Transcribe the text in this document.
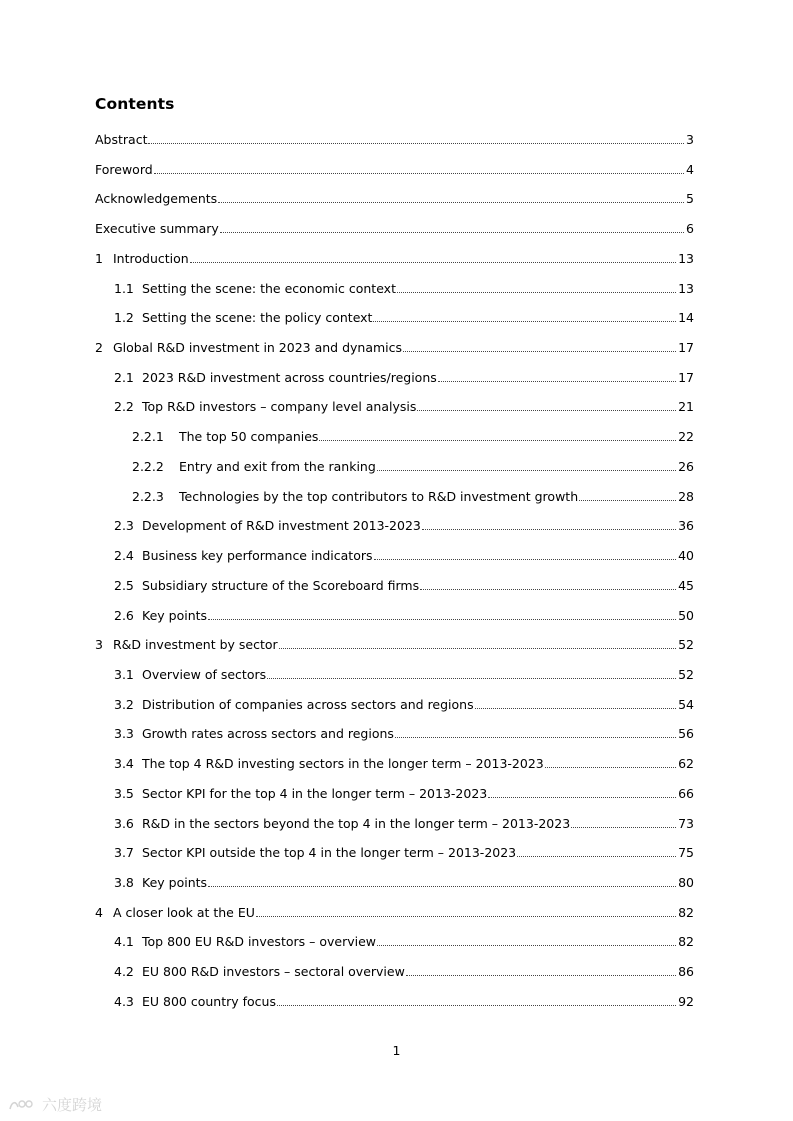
Contents
Abstract	3
Foreword	4
Acknowledgements	5
Executive summary	6
1 Introduction	13
1.1 Setting the scene: the economic context	13
1.2 Setting the scene: the policy context	14
2 Global R&D investment in 2023 and dynamics	17
2.1 2023 R&D investment across countries/regions	17
2.2 Top R&D investors – company level analysis	21
2.2.1	The top 50 companies	22
2.2.2	Entry and exit from the ranking	26
2.2.3	Technologies by the top contributors to R&D investment growth	28
2.3 Development of R&D investment 2013-2023	36
2.4 Business key performance indicators	40
2.5 Subsidiary structure of the Scoreboard firms	45
2.6 Key points	50
3 R&D investment by sector	52
3.1 Overview of sectors	52
3.2 Distribution of companies across sectors and regions	54
3.3 Growth rates across sectors and regions	56
3.4 The top 4 R&D investing sectors in the longer term – 2013-2023	62
3.5 Sector KPI for the top 4 in the longer term – 2013-2023	66
3.6 R&D in the sectors beyond the top 4 in the longer term – 2013-2023	73
3.7 Sector KPI outside the top 4 in the longer term – 2013-2023	75
3.8 Key points	80
4 A closer look at the EU	82
4.1 Top 800 EU R&D investors – overview	82
4.2 EU 800 R&D investors – sectoral overview	86
4.3 EU 800 country focus	92
1
六度跨境
